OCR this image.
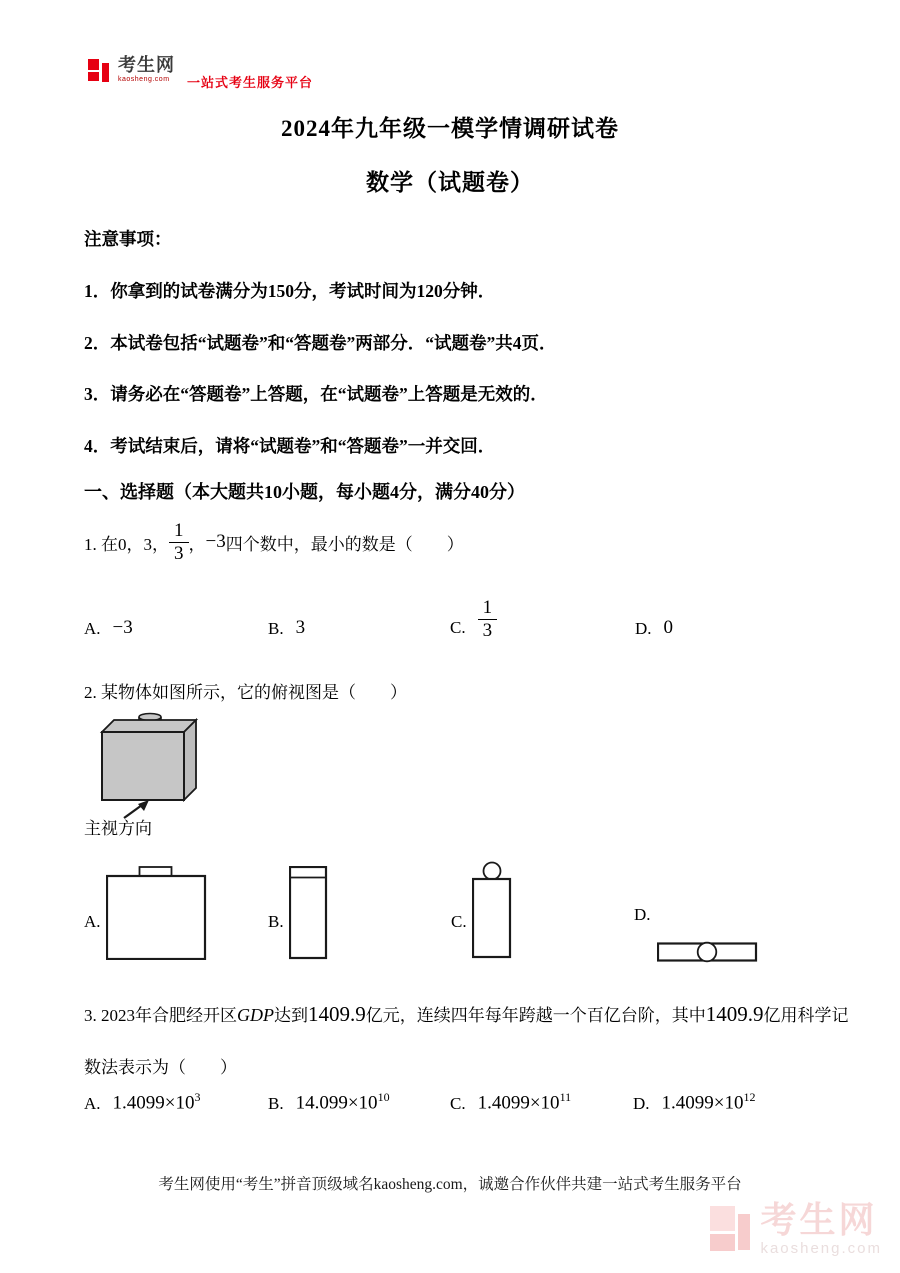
考生网
kaosheng.com	一站式考生服务平台
2024年九年级一模学情调研试卷
数学（试题卷）
注意事项：
1．你拿到的试卷满分为150分，考试时间为120分钟．
2．本试卷包括“试题卷”和“答题卷”两部分．“试题卷”共4页．
3．请务必在“答题卷”上答题，在“试题卷”上答题是无效的．
4．考试结束后，请将“试题卷”和“答题卷”一并交回．
一、选择题（本大题共10小题，每小题4分，满分40分）
1. 在0，3， $\frac{1}{3}$ ， −3 四个数中，最小的数是（　　）
A. −3	B. 3	C. $\frac{1}{3}$	D. 0
2. 某物体如图所示，它的俯视图是（　　）
主视方向
A.	B.	C.	D.
3. 2023年合肥经开区GDP达到1409.9亿元，连续四年每年跨越一个百亿台阶，其中1409.9亿用科学记
数法表示为（　　）
A. $1.4099\times 10^3$	B. $14.099\times 10^{10}$	C. $1.4099\times 10^{11}$	D. $1.4099\times 10^{12}$
考生网使用“考生”拼音顶级域名kaosheng.com，诚邀合作伙伴共建一站式考生服务平台
考生网
kaosheng.com
